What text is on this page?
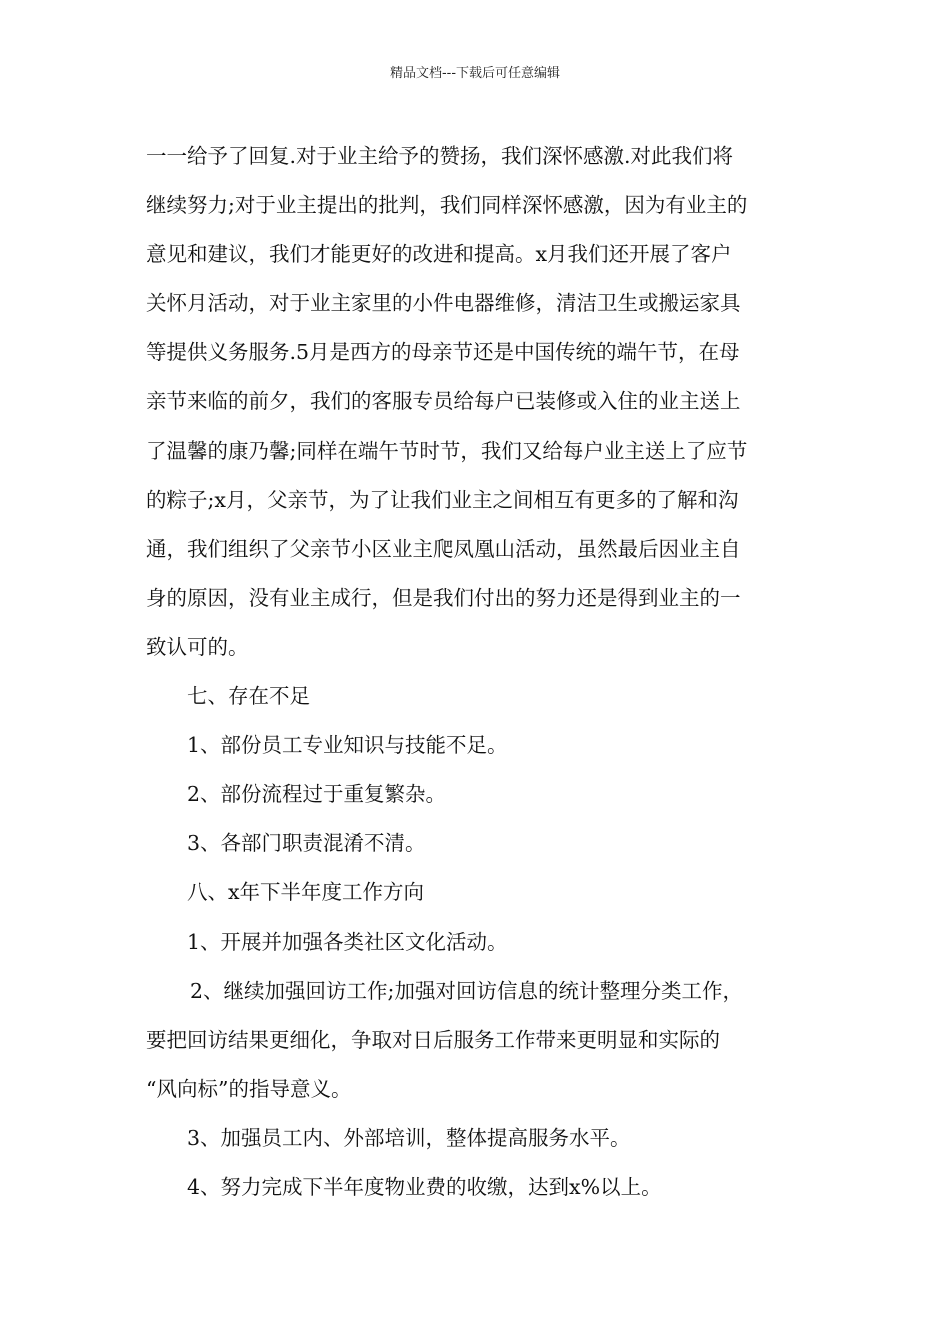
精品文档---下载后可任意编辑
一一给予了回复.对于业主给予的赞扬，我们深怀感激.对此我们将
继续努力;对于业主提出的批判，我们同样深怀感激，因为有业主的
意见和建议，我们才能更好的改进和提高。x月我们还开展了客户
关怀月活动，对于业主家里的小件电器维修，清洁卫生或搬运家具
等提供义务服务.5月是西方的母亲节还是中国传统的端午节，在母
亲节来临的前夕，我们的客服专员给每户已装修或入住的业主送上
了温馨的康乃馨;同样在端午节时节，我们又给每户业主送上了应节
的粽子;x月，父亲节，为了让我们业主之间相互有更多的了解和沟
通，我们组织了父亲节小区业主爬凤凰山活动，虽然最后因业主自
身的原因，没有业主成行，但是我们付出的努力还是得到业主的一
致认可的。
七、存在不足
1、部份员工专业知识与技能不足。
2、部份流程过于重复繁杂。
3、各部门职责混淆不清。
八、x年下半年度工作方向
1、开展并加强各类社区文化活动。
2、继续加强回访工作;加强对回访信息的统计整理分类工作，
要把回访结果更细化，争取对日后服务工作带来更明显和实际的
“风向标”的指导意义。
3、加强员工内、外部培训，整体提高服务水平。
4、努力完成下半年度物业费的收缴，达到x%以上。
